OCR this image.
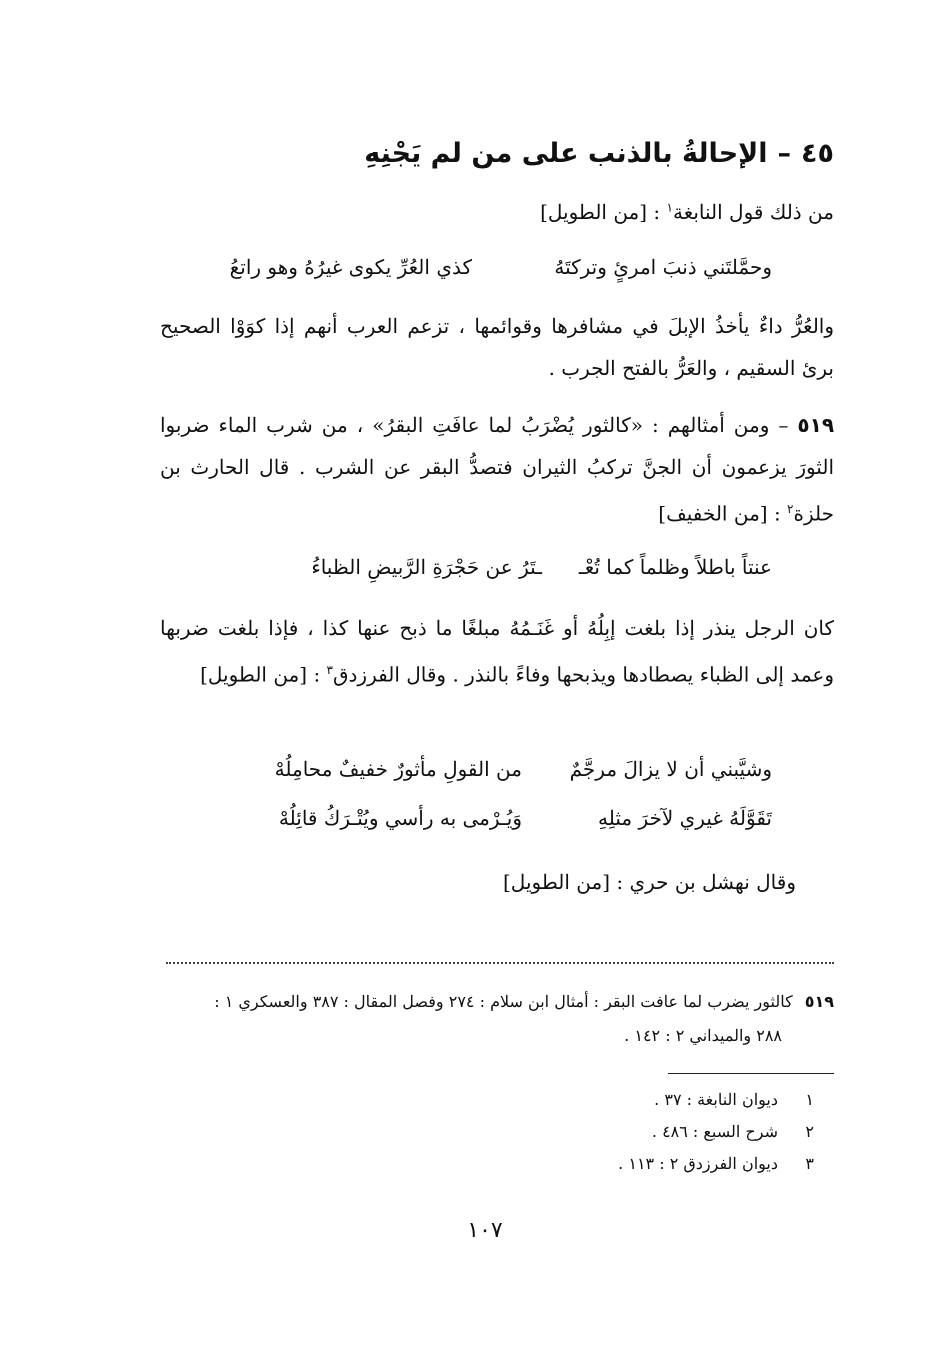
٤٥–الإحالةُ بالذنب على من لم يَجْنِهِ
من ذلك قول النابغة$^١$ : [من الطويل]
وحمَّلتَني ذنبَ امرئٍ وتركتَهُ
كذي العُرِّ يكوى غيرُهُ وهو راتعُ
والعُرُّ داءٌ يأخذُ الإبلَ في مشافرها وقوائمها ، تزعم العرب أنهم إذا كوَوْا الصحيح برئ السقيم ، والعَرُّ بالفتح الجرب .
٥١٩ – ومن أمثالهم : «كالثور يُضْرَبُ لما عافَتِ البقرُ» ، من شرب الماء ضربوا الثورَ يزعمون أن الجنَّ تركبُ الثيران فتصدُّ البقر عن الشرب . قال الحارث بن حلزة$^٢$ : [من الخفيف]
عنتاً باطلاً وظلماً كما تُعْـ
ـتَرُ عن حَجْرَةِ الرَّبيضِ الظباءُ
كان الرجل ينذر إذا بلغت إبِلُهُ أو غَنَـمُهُ مبلغًا ما ذبح عنها كذا ، فإذا بلغت ضربها وعمد إلى الظباء يصطادها ويذبحها وفاءً بالنذر . وقال الفرزدق$^٣$ : [من الطويل]
وشيَّبني أن لا يزالَ مرجَّمٌ
من القولِ مأثورٌ خفيفٌ محامِلُهْ
تَقَوَّلَهُ غيري لآخرَ مثلِهِ
وَيُـرْمى به رأسي ويُتْـرَكُ قائِلُهْ
وقال نهشل بن حري : [من الطويل]
٥١٩كالثور يضرب لما عافت البقر : أمثال ابن سلام : ٢٧٤ وفصل المقال : ٣٨٧ والعسكري ١ :
٢٨٨ والميداني ٢ : ١٤٢ .
١ديوان النابغة : ٣٧ .
٢شرح السبع : ٤٨٦ .
٣ديوان الفرزدق ٢ : ١١٣ .
١٠٧
